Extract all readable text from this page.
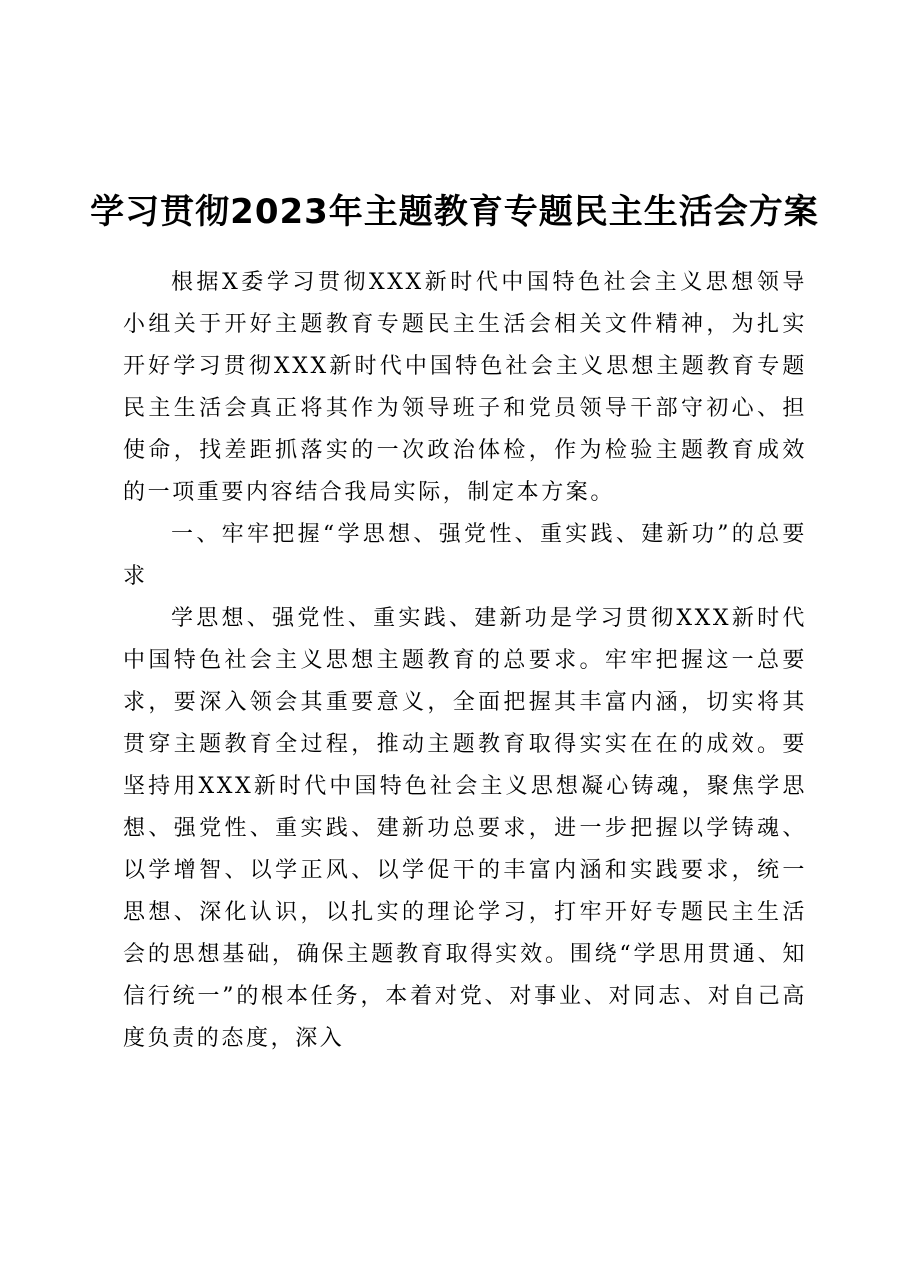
学习贯彻2023年主题教育专题民主生活会方案

根据X委学习贯彻XXX新时代中国特色社会主义思想领导小组关于开好主题教育专题民主生活会相关文件精神，为扎实开好学习贯彻XXX新时代中国特色社会主义思想主题教育专题民主生活会真正将其作为领导班子和党员领导干部守初心、担使命，找差距抓落实的一次政治体检，作为检验主题教育成效的一项重要内容结合我局实际，制定本方案。

一、牢牢把握“学思想、强党性、重实践、建新功”的总要求

学思想、强党性、重实践、建新功是学习贯彻XXX新时代中国特色社会主义思想主题教育的总要求。牢牢把握这一总要求，要深入领会其重要意义，全面把握其丰富内涵，切实将其贯穿主题教育全过程，推动主题教育取得实实在在的成效。要坚持用XXX新时代中国特色社会主义思想凝心铸魂，聚焦学思想、强党性、重实践、建新功总要求，进一步把握以学铸魂、以学增智、以学正风、以学促干的丰富内涵和实践要求，统一思想、深化认识，以扎实的理论学习，打牢开好专题民主生活会的思想基础，确保主题教育取得实效。围绕“学思用贯通、知信行统一”的根本任务，本着对党、对事业、对同志、对自己高度负责的态度，深入
